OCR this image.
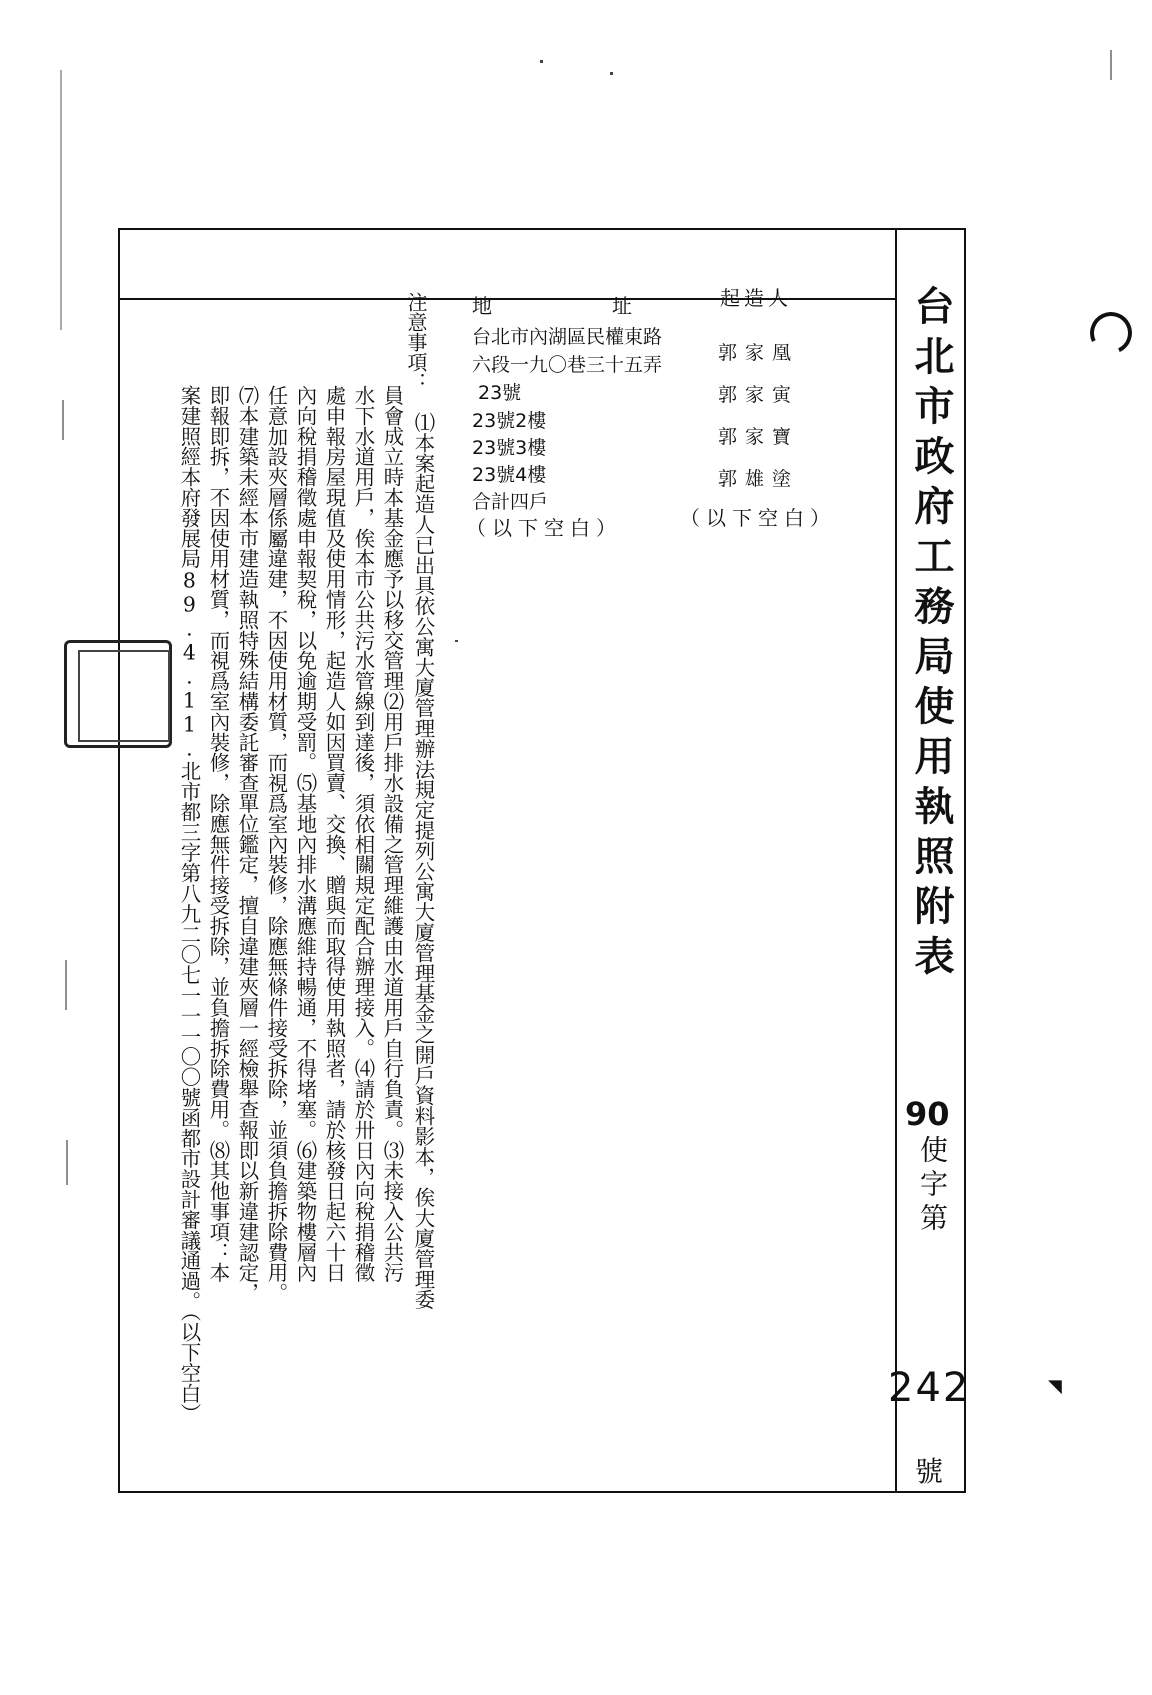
台北市政府工務局使用執照附表
90
使字第
242
號
起造人
郭家凰
郭家寅
郭家寶
郭雄塗
（以下空白）
地	址
台北市內湖區民權東路
六段一九〇巷三十五弄
23號
23號2樓
23號3樓
23號4樓
合計四戶
（以下空白）
注意事項：
⑴本案起造人已出具依公寓大廈管理辦法規定提列公寓大廈管理基金之開戶資料影本，俟大廈管理委
員會成立時本基金應予以移交管理⑵用戶排水設備之管理維護由水道用戶自行負責。⑶未接入公共污
水下水道用戶，俟本市公共污水管線到達後，須依相關規定配合辦理接入。⑷請於卅日內向稅捐稽徵
處申報房屋現值及使用情形，起造人如因買賣、交換、贈與而取得使用執照者，請於核發日起六十日
內向稅捐稽徵處申報契稅，以免逾期受罰。⑸基地內排水溝應維持暢通，不得堵塞。⑹建築物樓層內
任意加設夾層係屬違建，不因使用材質，而視爲室內裝修，除應無條件接受拆除，並須負擔拆除費用。
⑺本建築未經本市建造執照特殊結構委託審查單位鑑定，擅自違建夾層一經檢舉查報即以新違建認定，
即報即拆，不因使用材質，而視爲室內裝修，除應無件接受拆除，並負擔拆除費用。⑻其他事項：本
案建照經本府發展局89.4.11.北市都三字第八九二〇七一一一〇〇號函都市設計審議通過。（以下空白）	◥
